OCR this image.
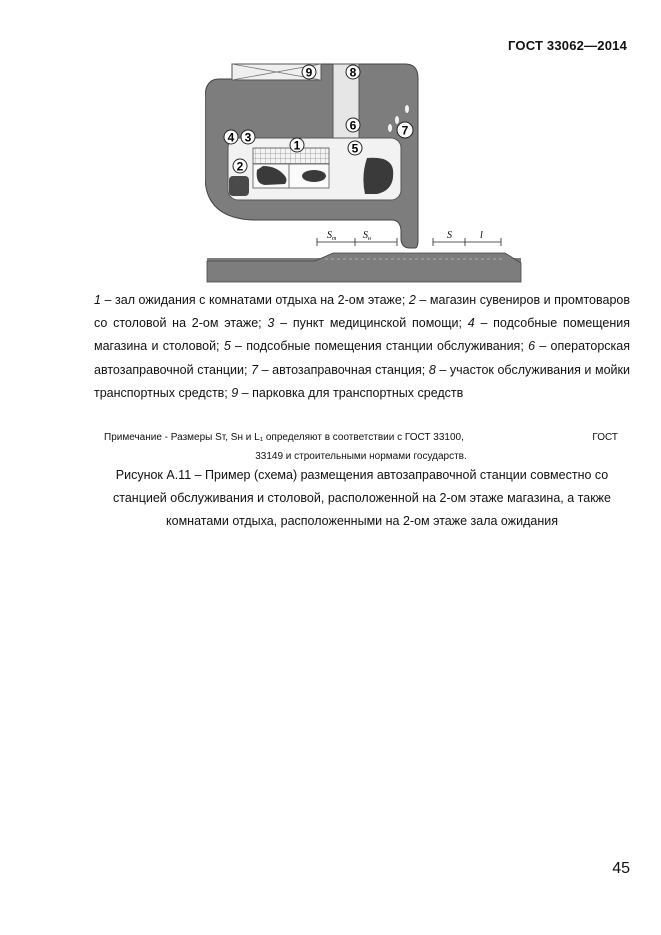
ГОСТ 33062—2014
$S_т$	$S_н$	S	l
9	8
6	7
5
1
4 3
2
1 – зал ожидания с комнатами отдыха на 2-ом этаже; 2 – магазин сувениров и промтоваров со столовой на 2-ом этаже; 3 – пункт медицинской помощи; 4 – подсобные помещения магазина и столовой; 5 – подсобные помещения станции обслуживания; 6 – операторская автозаправочной станции; 7 – автозаправочная станция; 8 – участок обслуживания и мойки транспортных средств; 9 – парковка для транспортных средств
Примечание - Размеры Sт, Sн и L₁ определяют в соответствии с ГОСТ 33100,	ГОСТ
33149 и строительными нормами государств.
Рисунок А.11 – Пример (схема) размещения автозаправочной станции совместно со станцией обслуживания и столовой, расположенной на 2-ом этаже магазина, а также комнатами отдыха, расположенными на 2-ом этаже зала ожидания
45
